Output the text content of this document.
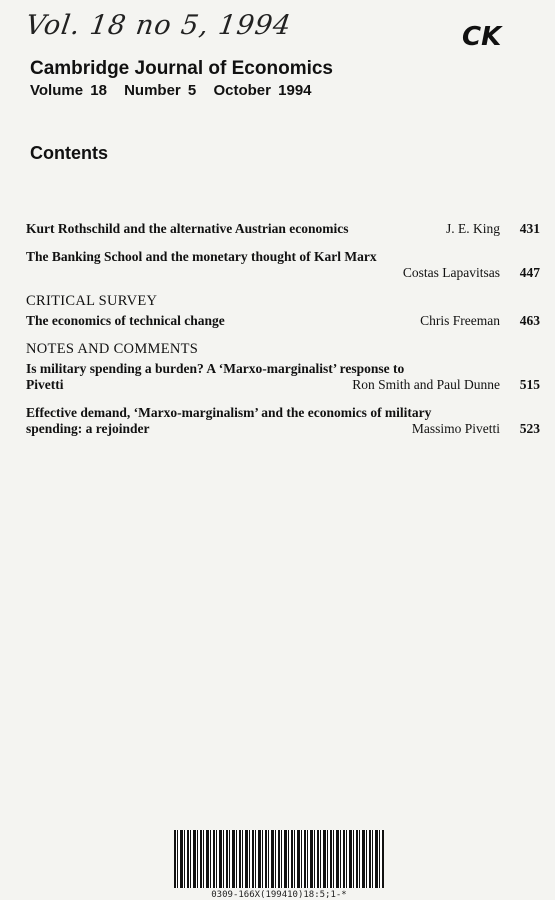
Vol. 18 no 5, 1994	CK
Cambridge Journal of Economics
Volume 18 Number 5 October 1994
Contents
Kurt Rothschild and the alternative Austrian economics	J. E. King	431
The Banking School and the monetary thought of Karl Marx
Costas Lapavitsas	447
CRITICAL SURVEY
The economics of technical change	Chris Freeman	463
NOTES AND COMMENTS
Is military spending a burden? A ‘Marxo-marginalist’ response to
Pivetti	Ron Smith and Paul Dunne	515
Effective demand, ‘Marxo-marginalism’ and the economics of military
spending: a rejoinder	Massimo Pivetti	523
0309-166X(199410)18:5;1-*
